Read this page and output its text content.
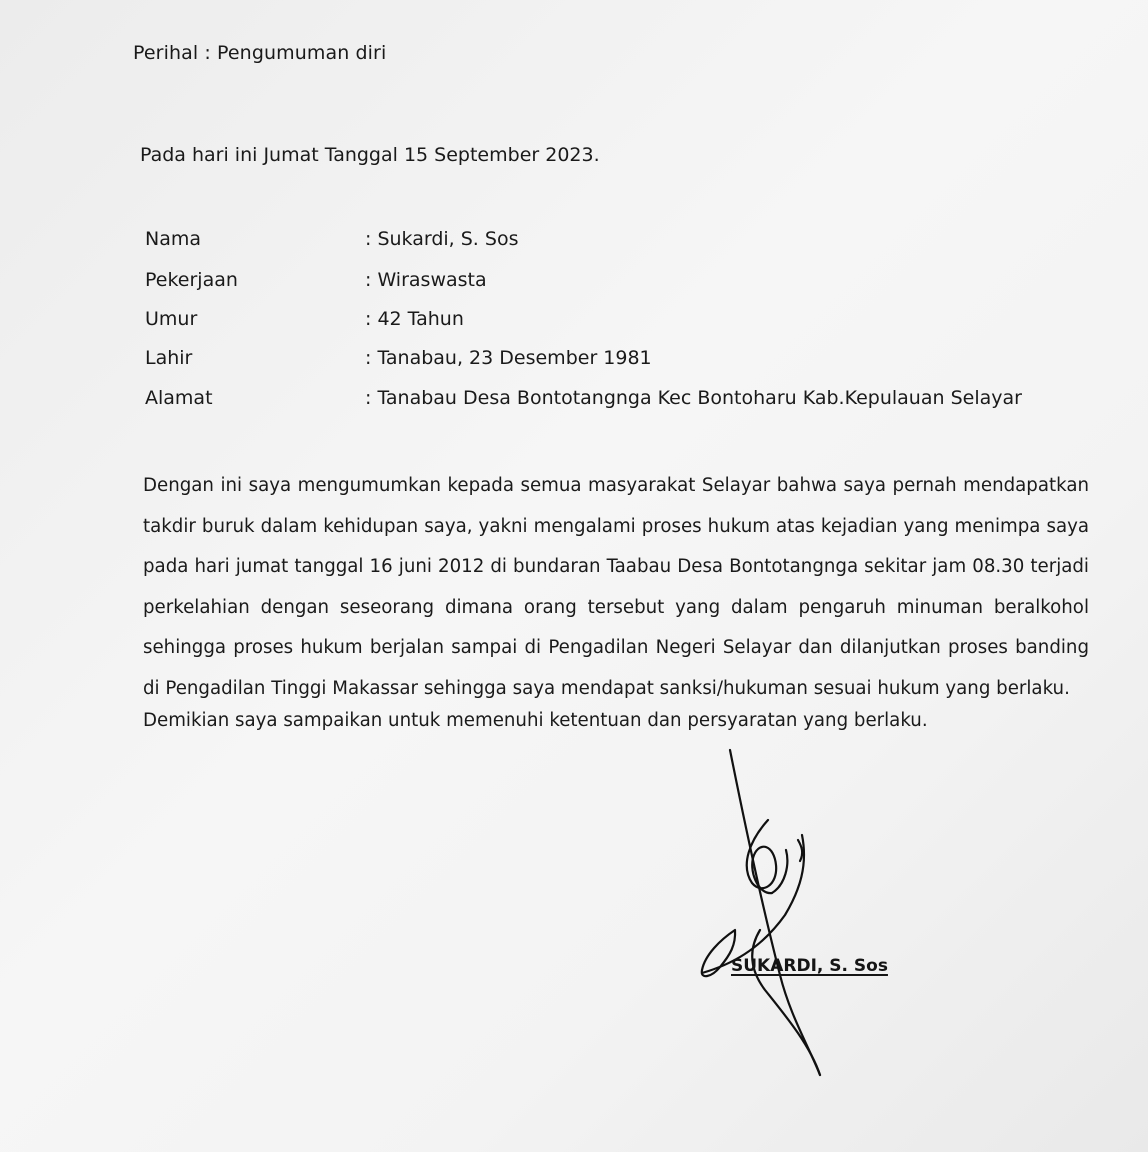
Perihal : Pengumuman diri
Pada hari ini Jumat Tanggal 15 September 2023.
Nama	: Sukardi, S. Sos
Pekerjaan	: Wiraswasta
Umur	: 42 Tahun
Lahir	: Tanabau, 23 Desember 1981
Alamat	: Tanabau Desa Bontotangnga Kec Bontoharu Kab.Kepulauan Selayar
Dengan ini saya mengumumkan kepada semua masyarakat Selayar bahwa saya pernah mendapatkan takdir buruk dalam kehidupan saya, yakni mengalami proses hukum atas kejadian yang menimpa saya pada hari jumat tanggal 16 juni 2012 di bundaran Taabau Desa Bontotangnga sekitar jam 08.30 terjadi perkelahian dengan seseorang dimana orang tersebut yang dalam pengaruh minuman beralkohol sehingga proses hukum berjalan sampai di Pengadilan Negeri Selayar dan dilanjutkan proses banding di Pengadilan Tinggi Makassar sehingga saya mendapat sanksi/hukuman sesuai hukum yang berlaku.
Demikian saya sampaikan untuk memenuhi ketentuan dan persyaratan yang berlaku.
SUKARDI, S. Sos
